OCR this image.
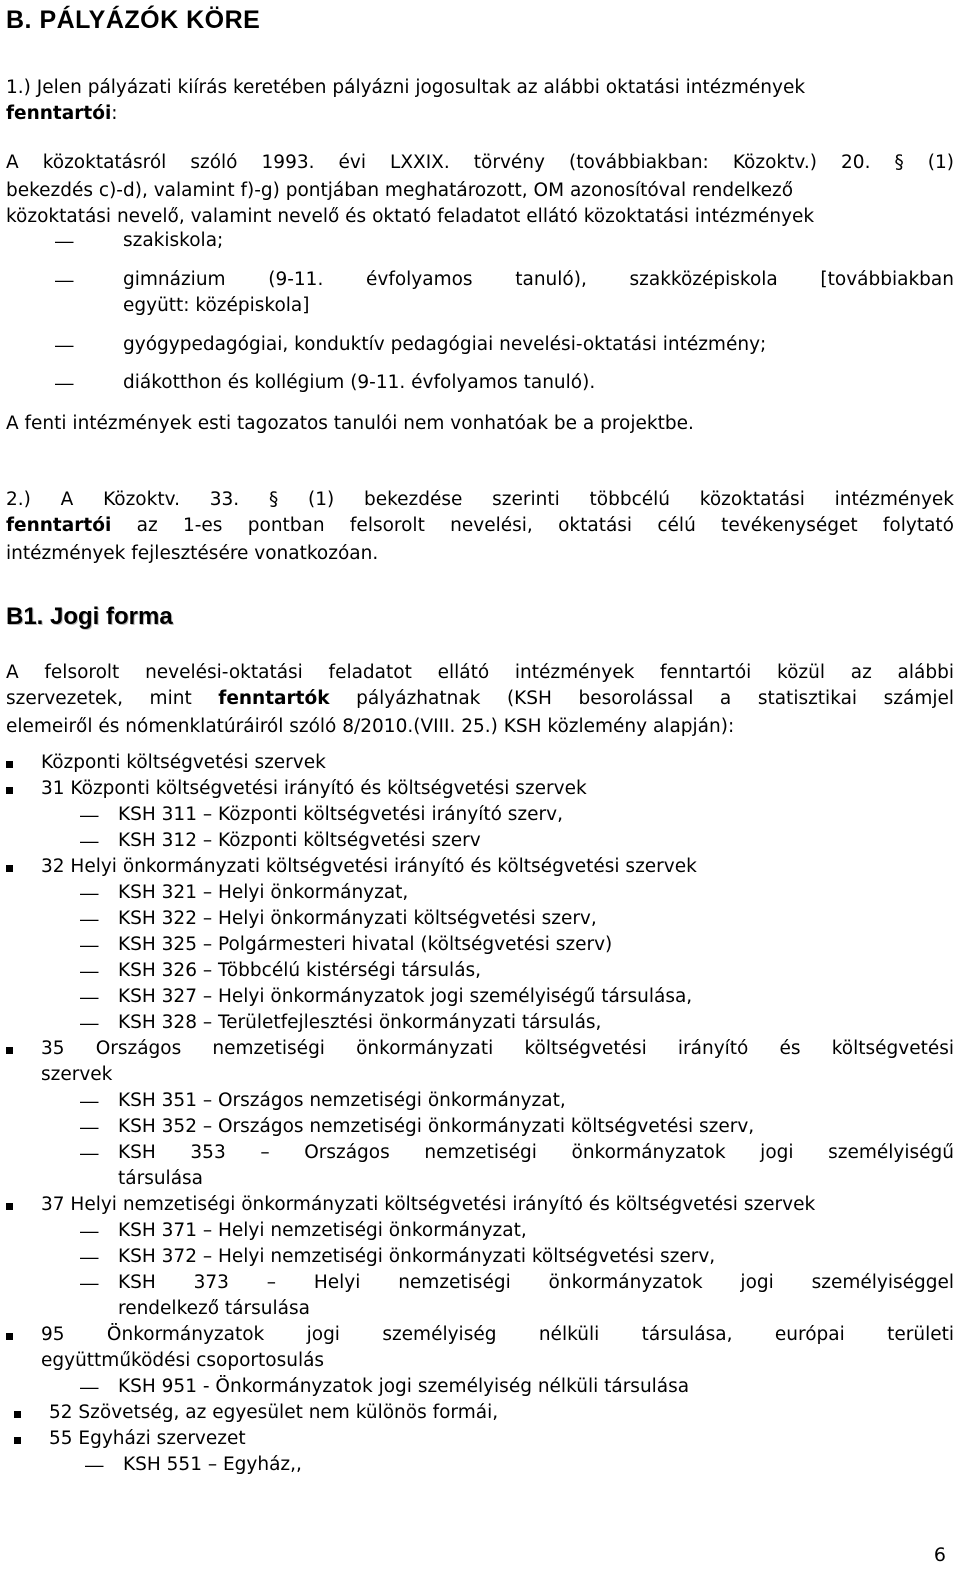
B. PÁLYÁZÓK KÖRE
1.) Jelen pályázati kiírás keretében pályázni jogosultak az alábbi oktatási intézmények
fenntartói:
A közoktatásról szóló 1993. évi LXXIX. törvény (továbbiakban: Közoktv.) 20. § (1)
bekezdés c)-d), valamint f)-g) pontjában meghatározott, OM azonosítóval rendelkező
közoktatási nevelő, valamint nevelő és oktató feladatot ellátó közoktatási intézmények
—	szakiskola;
—	gimnázium (9-11. évfolyamos tanuló), szakközépiskola [továbbiakban
együtt: középiskola]
—	gyógypedagógiai, konduktív pedagógiai nevelési-oktatási intézmény;
—	diákotthon és kollégium (9-11. évfolyamos tanuló).
A fenti intézmények esti tagozatos tanulói nem vonhatóak be a projektbe.
2.) A Közoktv. 33. § (1) bekezdése szerinti többcélú közoktatási intézmények
fenntartói az 1-es pontban felsorolt nevelési, oktatási célú tevékenységet folytató
intézmények fejlesztésére vonatkozóan.
B1. Jogi forma
A felsorolt nevelési-oktatási feladatot ellátó intézmények fenntartói közül az alábbi
szervezetek, mint fenntartók pályázhatnak (KSH besorolással a statisztikai számjel
elemeiről és nómenklatúráiról szóló 8/2010.(VIII. 25.) KSH közlemény alapján):
Központi költségvetési szervek
31 Központi költségvetési irányító és költségvetési szervek
— KSH 311 – Központi költségvetési irányító szerv,
— KSH 312 – Központi költségvetési szerv
32 Helyi önkormányzati költségvetési irányító és költségvetési szervek
— KSH 321 – Helyi önkormányzat,
— KSH 322 – Helyi önkormányzati költségvetési szerv,
— KSH 325 – Polgármesteri hivatal (költségvetési szerv)
— KSH 326 – Többcélú kistérségi társulás,
— KSH 327 – Helyi önkormányzatok jogi személyiségű társulása,
— KSH 328 – Területfejlesztési önkormányzati társulás,
35 Országos nemzetiségi önkormányzati költségvetési irányító és költségvetési
szervek
— KSH 351 – Országos nemzetiségi önkormányzat,
— KSH 352 – Országos nemzetiségi önkormányzati költségvetési szerv,
— KSH 353 – Országos nemzetiségi önkormányzatok jogi személyiségű
társulása
37 Helyi nemzetiségi önkormányzati költségvetési irányító és költségvetési szervek
— KSH 371 – Helyi nemzetiségi önkormányzat,
— KSH 372 – Helyi nemzetiségi önkormányzati költségvetési szerv,
— KSH 373 – Helyi nemzetiségi önkormányzatok jogi személyiséggel
rendelkező társulása
95 Önkormányzatok jogi személyiség nélküli társulása, európai területi
együttműködési csoportosulás
— KSH 951 - Önkormányzatok jogi személyiség nélküli társulása
52 Szövetség, az egyesület nem különös formái,
55 Egyházi szervezet
— KSH 551 – Egyház,,
6
